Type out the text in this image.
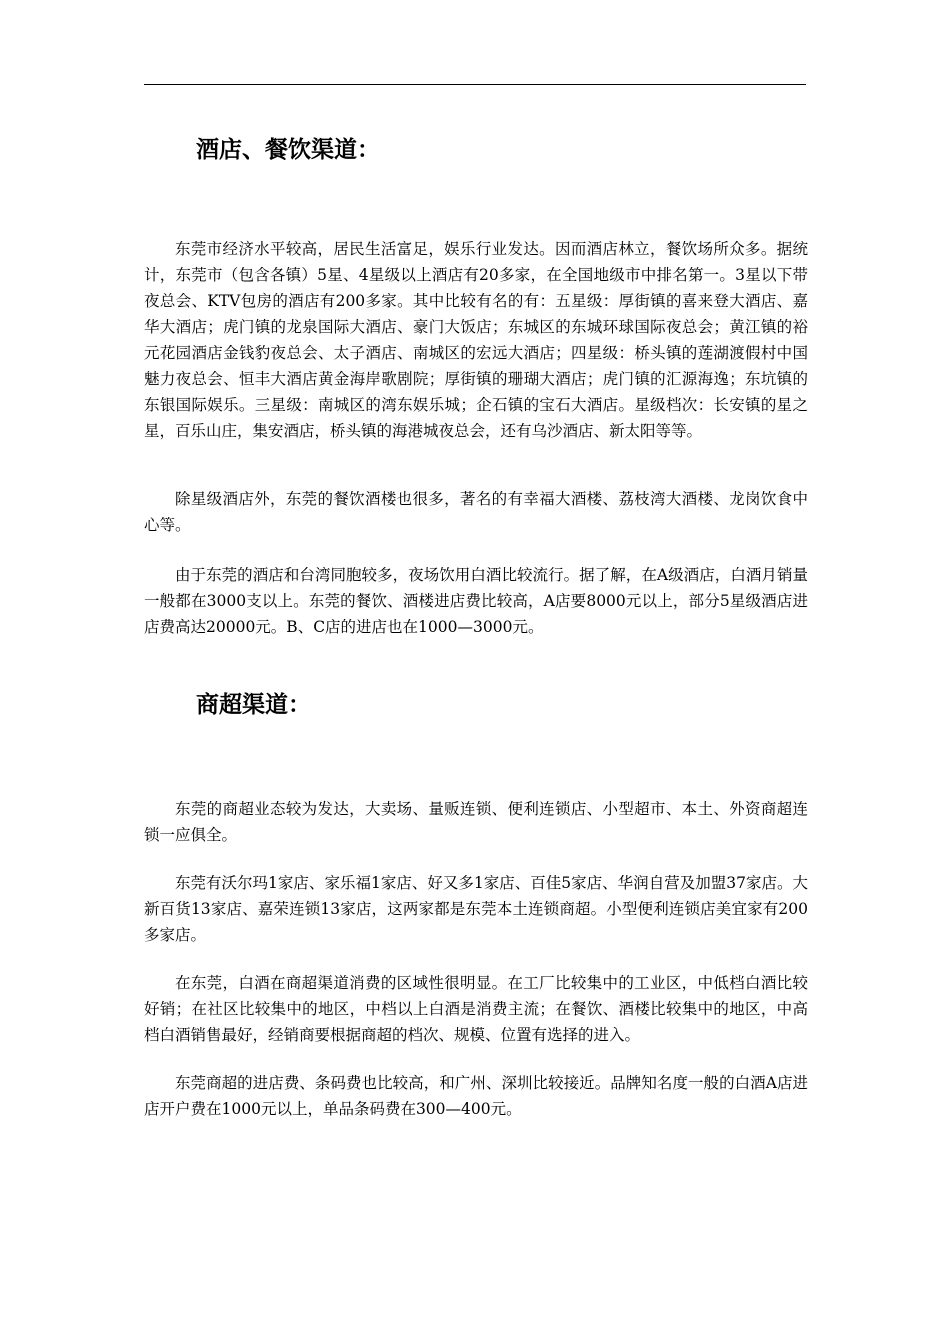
酒店、餐饮渠道：

东莞市经济水平较高，居民生活富足，娱乐行业发达。因而酒店林立，餐饮场所众多。据统计，东莞市（包含各镇）5星、4星级以上酒店有20多家，在全国地级市中排名第一。3星以下带夜总会、KTV包房的酒店有200多家。其中比较有名的有：五星级：厚街镇的喜来登大酒店、嘉华大酒店；虎门镇的龙泉国际大酒店、豪门大饭店；东城区的东城环球国际夜总会；黄江镇的裕元花园酒店金钱豹夜总会、太子酒店、南城区的宏远大酒店；四星级：桥头镇的莲湖渡假村中国魅力夜总会、恒丰大酒店黄金海岸歌剧院；厚街镇的珊瑚大酒店；虎门镇的汇源海逸；东坑镇的东银国际娱乐。三星级：南城区的湾东娱乐城；企石镇的宝石大酒店。星级档次：长安镇的星之星，百乐山庄，集安酒店，桥头镇的海港城夜总会，还有乌沙酒店、新太阳等等。

除星级酒店外，东莞的餐饮酒楼也很多，著名的有幸福大酒楼、荔枝湾大酒楼、龙岗饮食中心等。

由于东莞的酒店和台湾同胞较多，夜场饮用白酒比较流行。据了解，在A级酒店，白酒月销量一般都在3000支以上。东莞的餐饮、酒楼进店费比较高，A店要8000元以上，部分5星级酒店进店费高达20000元。B、C店的进店也在1000—3000元。

商超渠道：

东莞的商超业态较为发达，大卖场、量贩连锁、便利连锁店、小型超市、本土、外资商超连锁一应俱全。

东莞有沃尔玛1家店、家乐福1家店、好又多1家店、百佳5家店、华润自营及加盟37家店。大新百货13家店、嘉荣连锁13家店，这两家都是东莞本土连锁商超。小型便利连锁店美宜家有200多家店。

在东莞，白酒在商超渠道消费的区域性很明显。在工厂比较集中的工业区，中低档白酒比较好销；在社区比较集中的地区，中档以上白酒是消费主流；在餐饮、酒楼比较集中的地区，中高档白酒销售最好，经销商要根据商超的档次、规模、位置有选择的进入。

东莞商超的进店费、条码费也比较高，和广州、深圳比较接近。品牌知名度一般的白酒A店进店开户费在1000元以上，单品条码费在300—400元。
